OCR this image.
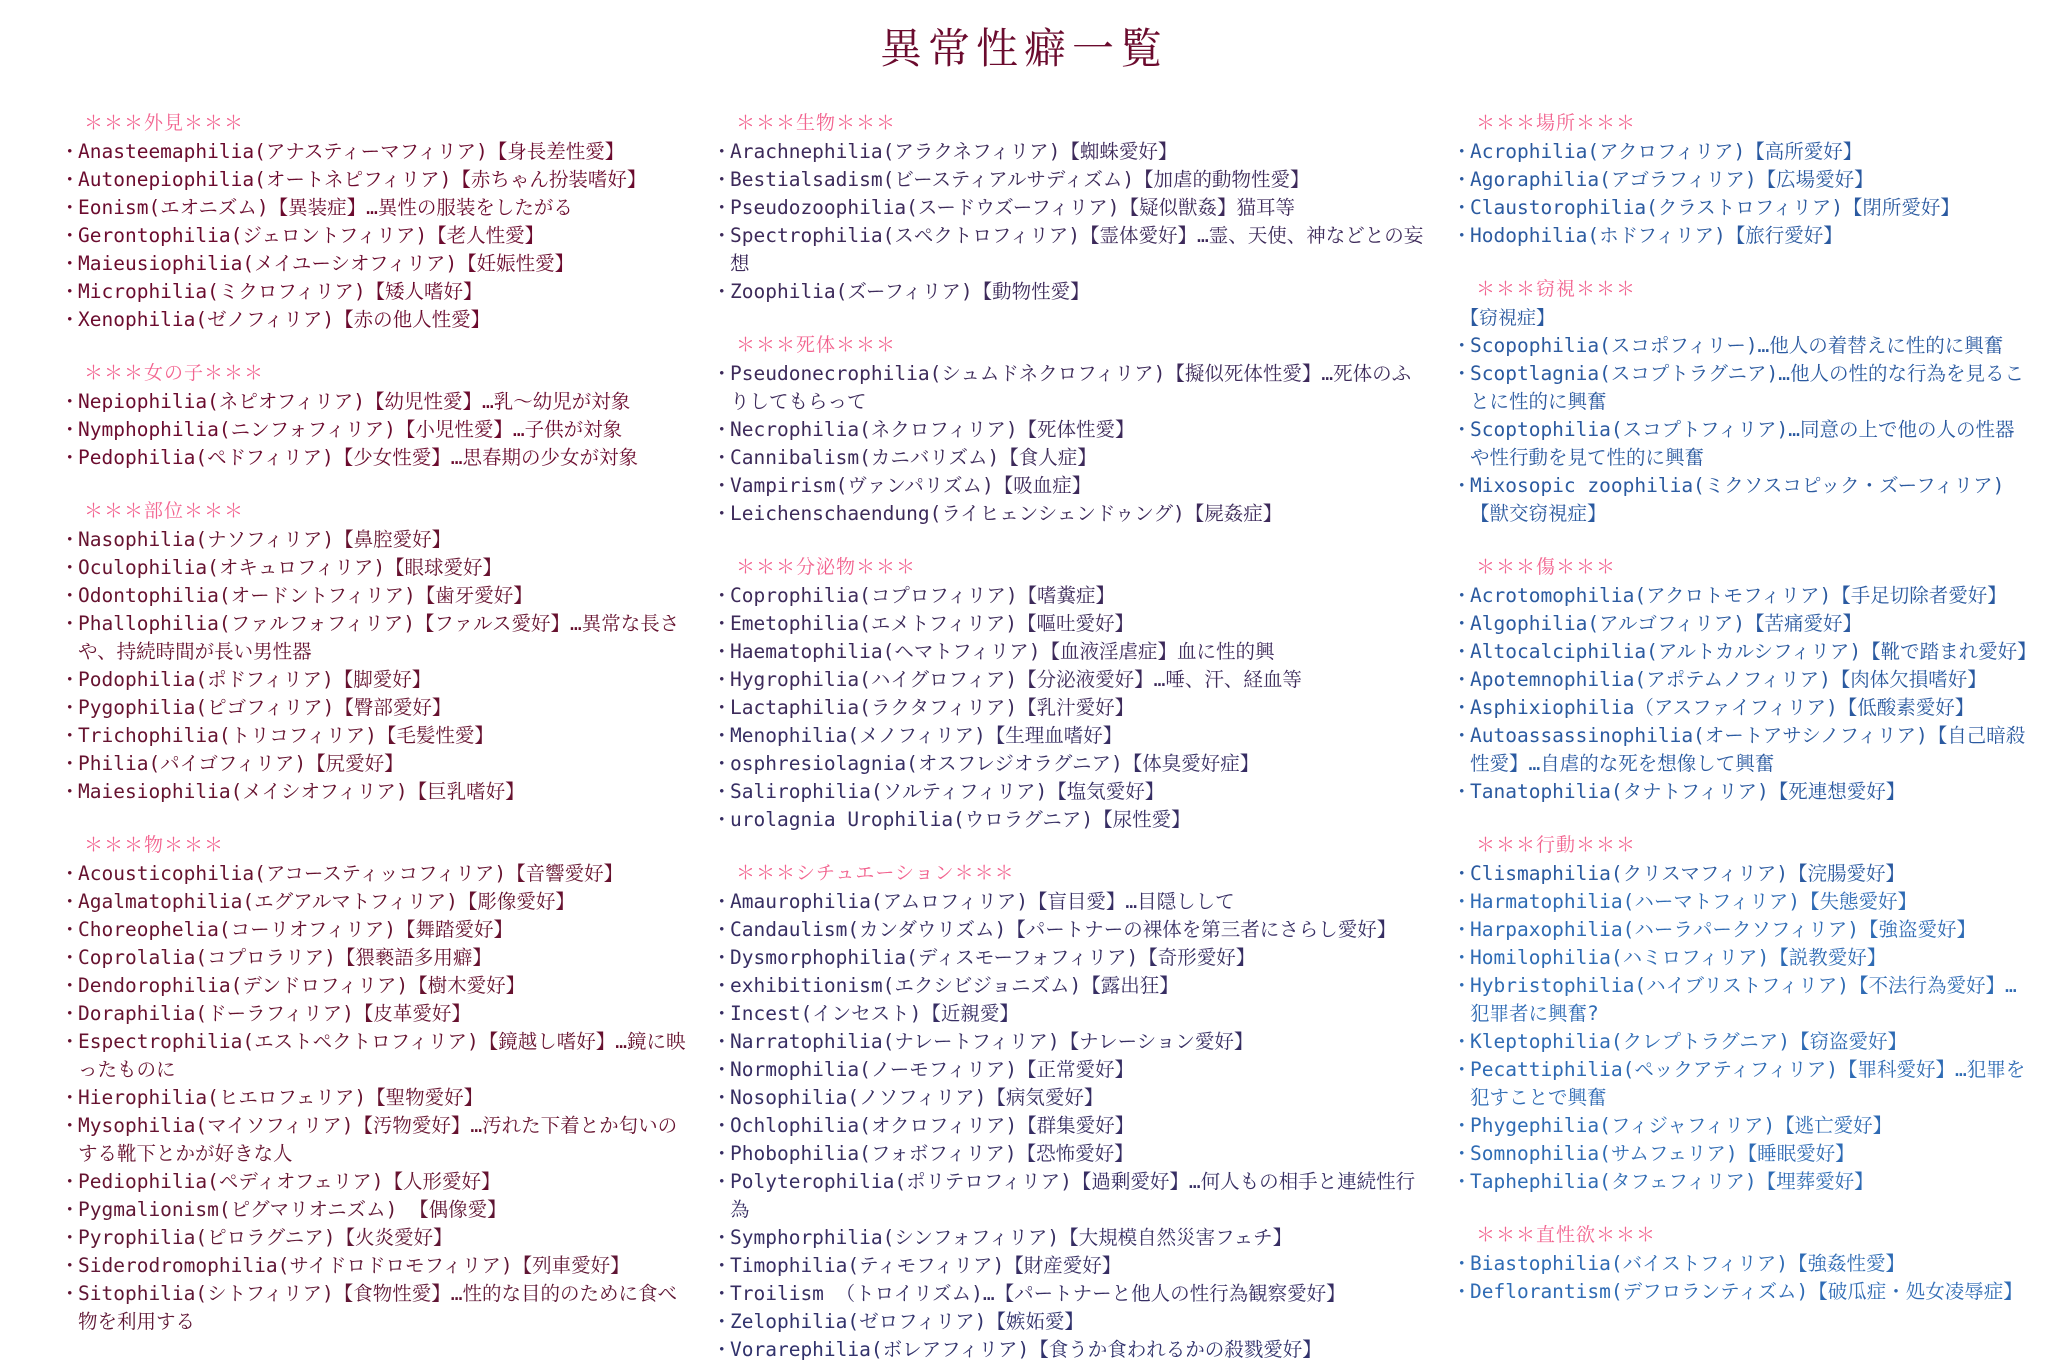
異常性癖一覧
＊＊＊外見＊＊＊
・
Anasteemaphilia(アナスティーマフィリア)【身長差性愛】
・
Autonepiophilia(オートネピフィリア)【赤ちゃん扮装嗜好】
・
Eonism(エオニズム)【異装症】…異性の服装をしたがる
・
Gerontophilia(ジェロントフィリア)【老人性愛】
・
Maieusiophilia(メイユーシオフィリア)【妊娠性愛】
・
Microphilia(ミクロフィリア)【矮人嗜好】
・
Xenophilia(ゼノフィリア)【赤の他人性愛】
＊＊＊女の子＊＊＊
・
Nepiophilia(ネピオフィリア)【幼児性愛】…乳〜幼児が対象
・
Nymphophilia(ニンフォフィリア)【小児性愛】…子供が対象
・
Pedophilia(ペドフィリア)【少女性愛】…思春期の少女が対象
＊＊＊部位＊＊＊
・
Nasophilia(ナソフィリア)【鼻腔愛好】
・
Oculophilia(オキュロフィリア)【眼球愛好】
・
Odontophilia(オードントフィリア)【歯牙愛好】
・
Phallophilia(ファルフォフィリア)【ファルス愛好】…異常な長さや、持続時間が長い男性器
・
Podophilia(ポドフィリア)【脚愛好】
・
Pygophilia(ピゴフィリア)【臀部愛好】
・
Trichophilia(トリコフィリア)【毛髪性愛】
・
Philia(パイゴフィリア)【尻愛好】
・
Maiesiophilia(メイシオフィリア)【巨乳嗜好】
＊＊＊物＊＊＊
・
Acousticophilia(アコースティッコフィリア)【音響愛好】
・
Agalmatophilia(エグアルマトフィリア)【彫像愛好】
・
Choreophelia(コーリオフィリア)【舞踏愛好】
・
Coprolalia(コプロラリア)【猥褻語多用癖】
・
Dendorophilia(デンドロフィリア)【樹木愛好】
・
Doraphilia(ドーラフィリア)【皮革愛好】
・
Espectrophilia(エストペクトロフィリア)【鏡越し嗜好】…鏡に映ったものに
・
Hierophilia(ヒエロフェリア)【聖物愛好】
・
Mysophilia(マイソフィリア)【汚物愛好】…汚れた下着とか匂いのする靴下とかが好きな人
・
Pediophilia(ペディオフェリア)【人形愛好】
・
Pygmalionism(ピグマリオニズム) 【偶像愛】
・
Pyrophilia(ピロラグニア)【火炎愛好】
・
Siderodromophilia(サイドロドロモフィリア)【列車愛好】
・
Sitophilia(シトフィリア)【食物性愛】…性的な目的のために食べ物を利用する
＊＊＊生物＊＊＊
・
Arachnephilia(アラクネフィリア)【蜘蛛愛好】
・
Bestialsadism(ビースティアルサディズム)【加虐的動物性愛】
・
Pseudozoophilia(スードウズーフィリア)【疑似獣姦】猫耳等
・
Spectrophilia(スペクトロフィリア)【霊体愛好】…霊、天使、神などとの妄想
・
Zoophilia(ズーフィリア)【動物性愛】
＊＊＊死体＊＊＊
・
Pseudonecrophilia(シュムドネクロフィリア)【擬似死体性愛】…死体のふりしてもらって
・
Necrophilia(ネクロフィリア)【死体性愛】
・
Cannibalism(カニバリズム)【食人症】
・
Vampirism(ヴァンパリズム)【吸血症】
・
Leichenschaendung(ライヒェンシェンドゥング)【屍姦症】
＊＊＊分泌物＊＊＊
・
Coprophilia(コプロフィリア)【嗜糞症】
・
Emetophilia(エメトフィリア)【嘔吐愛好】
・
Haematophilia(ヘマトフィリア)【血液淫虐症】血に性的興
・
Hygrophilia(ハイグロフィア)【分泌液愛好】…唾、汗、経血等
・
Lactaphilia(ラクタフィリア)【乳汁愛好】
・
Menophilia(メノフィリア)【生理血嗜好】
・
osphresiolagnia(オスフレジオラグニア)【体臭愛好症】
・
Salirophilia(ソルティフィリア)【塩気愛好】
・
urolagnia Urophilia(ウロラグニア)【尿性愛】
＊＊＊シチュエーション＊＊＊
・
Amaurophilia(アムロフィリア)【盲目愛】…目隠しして
・
Candaulism(カンダウリズム)【パートナーの裸体を第三者にさらし愛好】
・
Dysmorphophilia(ディスモーフォフィリア)【奇形愛好】
・
exhibitionism(エクシビジョニズム)【露出狂】
・
Incest(インセスト)【近親愛】
・
Narratophilia(ナレートフィリア)【ナレーション愛好】
・
Normophilia(ノーモフィリア)【正常愛好】
・
Nosophilia(ノソフィリア)【病気愛好】
・
Ochlophilia(オクロフィリア)【群集愛好】
・
Phobophilia(フォボフィリア)【恐怖愛好】
・
Polyterophilia(ポリテロフィリア)【過剰愛好】…何人もの相手と連続性行為
・
Symphorphilia(シンフォフィリア)【大規模自然災害フェチ】
・
Timophilia(ティモフィリア)【財産愛好】
・
Troilism （トロイリズム)…【パートナーと他人の性行為観察愛好】
・
Zelophilia(ゼロフィリア)【嫉妬愛】
・
Vorarephilia(ボレアフィリア)【食うか食われるかの殺戮愛好】
＊＊＊場所＊＊＊
・
Acrophilia(アクロフィリア)【高所愛好】
・
Agoraphilia(アゴラフィリア)【広場愛好】
・
Claustorophilia(クラストロフィリア)【閉所愛好】
・
Hodophilia(ホドフィリア)【旅行愛好】
＊＊＊窃視＊＊＊
【窃視症】
・
Scopophilia(スコポフィリー)…他人の着替えに性的に興奮
・
Scoptlagnia(スコプトラグニア)…他人の性的な行為を見ることに性的に興奮
・
Scoptophilia(スコプトフィリア)…同意の上で他の人の性器や性行動を見て性的に興奮
・
Mixosopic zoophilia(ミクソスコピック・ズーフィリア)【獣交窃視症】
＊＊＊傷＊＊＊
・
Acrotomophilia(アクロトモフィリア)【手足切除者愛好】
・
Algophilia(アルゴフィリア)【苦痛愛好】
・
Altocalciphilia(アルトカルシフィリア)【靴で踏まれ愛好】
・
Apotemnophilia(アポテムノフィリア)【肉体欠損嗜好】
・
Asphixiophilia（アスファイフィリア)【低酸素愛好】
・
Autoassassinophilia(オートアサシノフィリア)【自己暗殺性愛】…自虐的な死を想像して興奮
・
Tanatophilia(タナトフィリア)【死連想愛好】
＊＊＊行動＊＊＊
・
Clismaphilia(クリスマフィリア)【浣腸愛好】
・
Harmatophilia(ハーマトフィリア)【失態愛好】
・
Harpaxophilia(ハーラパークソフィリア)【強盗愛好】
・
Homilophilia(ハミロフィリア)【説教愛好】
・
Hybristophilia(ハイブリストフィリア)【不法行為愛好】…犯罪者に興奮?
・
Kleptophilia(クレプトラグニア)【窃盗愛好】
・
Pecattiphilia(ペックアティフィリア)【罪科愛好】…犯罪を犯すことで興奮
・
Phygephilia(フィジャフィリア)【逃亡愛好】
・
Somnophilia(サムフェリア)【睡眠愛好】
・
Taphephilia(タフェフィリア)【埋葬愛好】
＊＊＊直性欲＊＊＊
・
Biastophilia(バイストフィリア)【強姦性愛】
・
Deflorantism(デフロランティズム)【破瓜症・処女凌辱症】
